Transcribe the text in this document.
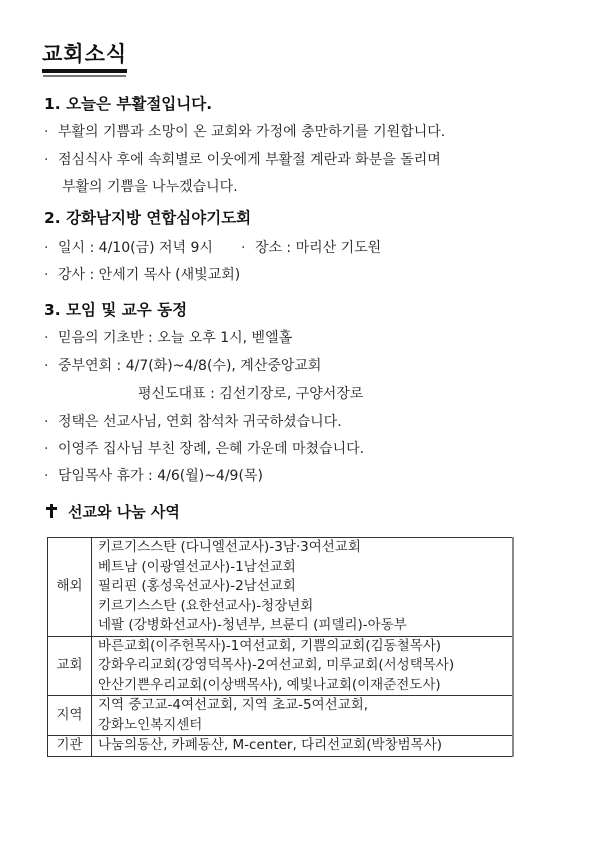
교회소식
1. 오늘은 부활절입니다.
· 부활의 기쁨과 소망이 온 교회와 가정에 충만하기를 기원합니다.
· 점심식사 후에 속회별로 이웃에게 부활절 계란과 화분을 돌리며
부활의 기쁨을 나누겠습니다.
2. 강화남지방 연합심야기도회
· 일시 : 4/10(금) 저녁 9시 · 장소 : 마리산 기도원
· 강사 : 안세기 목사 (새빛교회)
3. 모임 및 교우 동정
· 믿음의 기초반 : 오늘 오후 1시, 벧엘홀
· 중부연회 : 4/7(화)~4/8(수), 계산중앙교회
평신도대표 : 김선기장로, 구양서장로
· 정택은 선교사님, 연회 참석차 귀국하셨습니다.
· 이영주 집사님 부친 장례, 은혜 가운데 마쳤습니다.
· 담임목사 휴가 : 4/6(월)~4/9(목)
선교와 나눔 사역
해외	키르기스스탄 (다니엘선교사)-3남·3여선교회
베트남 (이광열선교사)-1남선교회
필리핀 (홍성욱선교사)-2남선교회
키르기스스탄 (요한선교사)-청장년회
네팔 (강병화선교사)-청년부, 브룬디 (피델리)-아동부

교회	바른교회(이주헌목사)-1여선교회, 기쁨의교회(김동철목사)
강화우리교회(강영덕목사)-2여선교회, 미루교회(서성택목사)
안산기쁜우리교회(이상백목사), 예빛나교회(이재준전도사)

지역	지역 중고교-4여선교회, 지역 초교-5여선교회,
강화노인복지센터

기관	나눔의동산, 카페동산, M-center, 다리선교회(박창범목사)
